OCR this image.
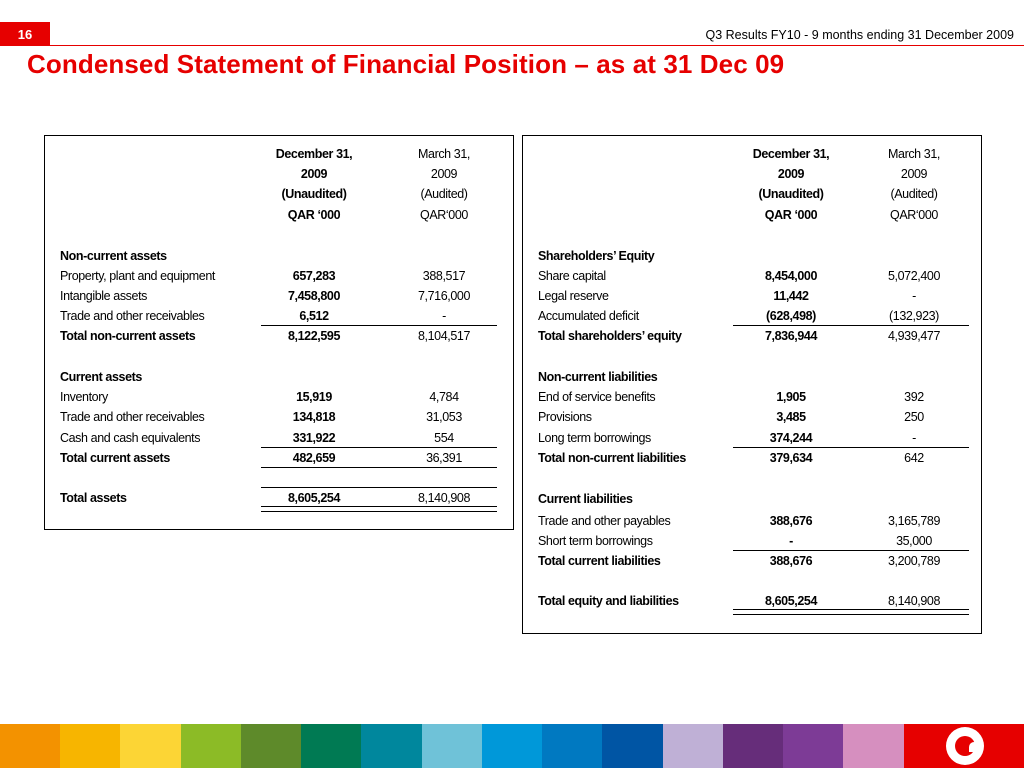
16	Q3 Results FY10 - 9 months ending 31 December 2009
Condensed Statement of Financial Position – as at 31 Dec 09
December 31,	March 31,
2009	2009
(Unaudited)	(Audited)
QAR ‘000	QAR‘000
Non-current assets
Property, plant and equipment	657,283	388,517
Intangible assets	7,458,800	7,716,000
Trade and other receivables	6,512	-
Total non-current assets	8,122,595	8,104,517
Current assets
Inventory	15,919	4,784
Trade and other receivables	134,818	31,053
Cash and cash equivalents	331,922	554
Total current assets	482,659	36,391
Total assets	8,605,254	8,140,908
December 31,	March 31,
2009	2009
(Unaudited)	(Audited)
QAR ‘000	QAR‘000
Shareholders’ Equity
Share capital	8,454,000	5,072,400
Legal reserve	11,442	-
Accumulated deficit	(628,498)	(132,923)
Total shareholders’ equity	7,836,944	4,939,477
Non-current liabilities
End of service benefits	1,905	392
Provisions	3,485	250
Long term borrowings	374,244	-
Total non-current liabilities	379,634	642
Current liabilities
Trade and other payables	388,676	3,165,789
Short term borrowings	-	35,000
Total current liabilities	388,676	3,200,789
Total equity and liabilities	8,605,254	8,140,908
